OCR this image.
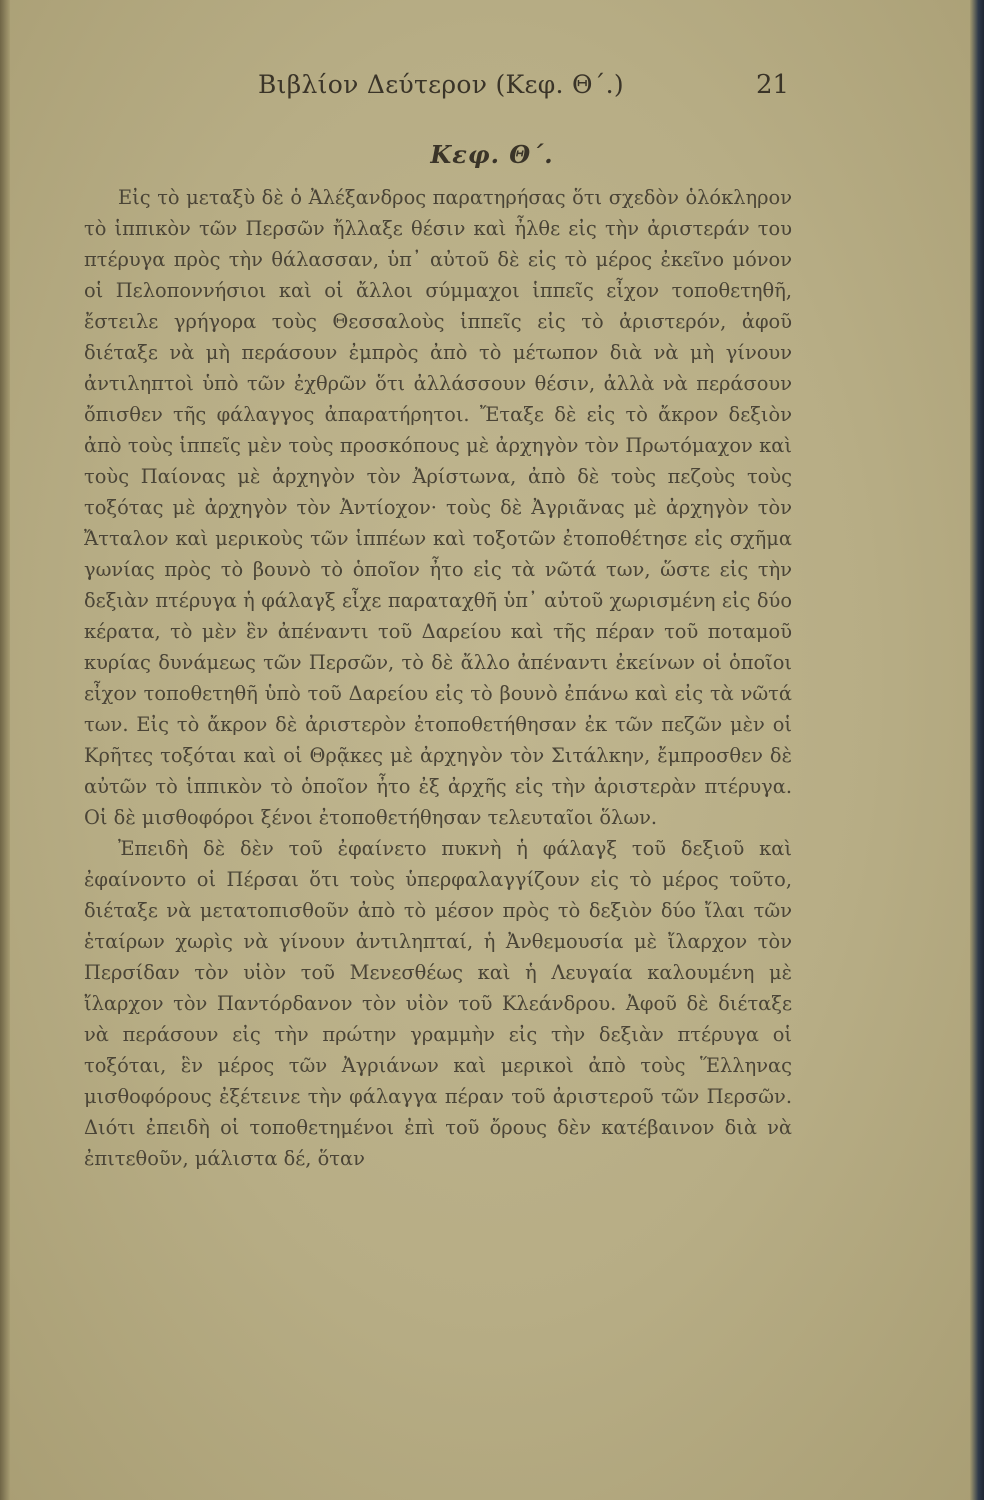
Βιβλίον Δεύτερον (Κεφ. Θ΄.)	21
Κεφ. Θ΄.

Εἰς τὸ μεταξὺ δὲ ὁ Ἀλέξανδρος παρατηρήσας ὅτι σχεδὸν ὁλόκληρον τὸ ἱππικὸν τῶν Περσῶν ἤλλαξε θέσιν καὶ ἦλθε εἰς τὴν ἀριστεράν του πτέρυγα πρὸς τὴν θάλασσαν, ὑπ᾽ αὐτοῦ δὲ εἰς τὸ μέρος ἐκεῖνο μόνον οἱ Πελοποννήσιοι καὶ οἱ ἄλλοι σύμμαχοι ἱππεῖς εἶχον τοποθετηθῆ, ἔστειλε γρήγορα τοὺς Θεσσαλοὺς ἱππεῖς εἰς τὸ ἀριστερόν, ἀφοῦ διέταξε νὰ μὴ περάσουν ἐμπρὸς ἀπὸ τὸ μέτωπον διὰ νὰ μὴ γίνουν ἀντιληπτοὶ ὑπὸ τῶν ἐχθρῶν ὅτι ἀλλάσσουν θέσιν, ἀλλὰ νὰ περάσουν ὄπισθεν τῆς φάλαγγος ἀπαρατήρητοι. Ἔταξε δὲ εἰς τὸ ἄκρον δεξιὸν ἀπὸ τοὺς ἱππεῖς μὲν τοὺς προσκόπους μὲ ἀρχηγὸν τὸν Πρωτόμαχον καὶ τοὺς Παίονας μὲ ἀρχηγὸν τὸν Ἀρίστωνα, ἀπὸ δὲ τοὺς πεζοὺς τοὺς τοξότας μὲ ἀρχηγὸν τὸν Ἀντίοχον· τοὺς δὲ Ἀγριᾶνας μὲ ἀρχηγὸν τὸν Ἄτταλον καὶ μερικοὺς τῶν ἱππέων καὶ τοξοτῶν ἐτοποθέτησε εἰς σχῆμα γωνίας πρὸς τὸ βουνὸ τὸ ὁποῖον ἦτο εἰς τὰ νῶτά των, ὥστε εἰς τὴν δεξιὰν πτέρυγα ἡ φάλαγξ εἶχε παραταχθῆ ὑπ᾽ αὐτοῦ χωρισμένη εἰς δύο κέρατα, τὸ μὲν ἓν ἀπέναντι τοῦ Δαρείου καὶ τῆς πέραν τοῦ ποταμοῦ κυρίας δυνάμεως τῶν Περσῶν, τὸ δὲ ἄλλο ἀπέναντι ἐκείνων οἱ ὁποῖοι εἶχον τοποθετηθῆ ὑπὸ τοῦ Δαρείου εἰς τὸ βουνὸ ἐπάνω καὶ εἰς τὰ νῶτά των. Εἰς τὸ ἄκρον δὲ ἀριστερὸν ἐτοποθετήθησαν ἐκ τῶν πεζῶν μὲν οἱ Κρῆτες τοξόται καὶ οἱ Θρᾷκες μὲ ἀρχηγὸν τὸν Σιτάλκην, ἔμπροσθεν δὲ αὐτῶν τὸ ἱππικὸν τὸ ὁποῖον ἦτο ἐξ ἀρχῆς εἰς τὴν ἀριστερὰν πτέρυγα. Οἱ δὲ μισθοφόροι ξένοι ἐτοποθετήθησαν τελευταῖοι ὅλων.

Ἐπειδὴ δὲ δὲν τοῦ ἐφαίνετο πυκνὴ ἡ φάλαγξ τοῦ δεξιοῦ καὶ ἐφαίνοντο οἱ Πέρσαι ὅτι τοὺς ὑπερφαλαγγίζουν εἰς τὸ μέρος τοῦτο, διέταξε νὰ μετατοπισθοῦν ἀπὸ τὸ μέσον πρὸς τὸ δεξιὸν δύο ἴλαι τῶν ἑταίρων χωρὶς νὰ γίνουν ἀντιληπταί, ἡ Ἀνθεμουσία μὲ ἴλαρχον τὸν Περσίδαν τὸν υἱὸν τοῦ Μενεσθέως καὶ ἡ Λευγαία καλουμένη μὲ ἴλαρχον τὸν Παντόρδανον τὸν υἱὸν τοῦ Κλεάνδρου. Ἀφοῦ δὲ διέταξε νὰ περάσουν εἰς τὴν πρώτην γραμμὴν εἰς τὴν δεξιὰν πτέρυγα οἱ τοξόται, ἓν μέρος τῶν Ἀγριάνων καὶ μερικοὶ ἀπὸ τοὺς Ἕλληνας μισθοφόρους ἐξέτεινε τὴν φάλαγγα πέραν τοῦ ἀριστεροῦ τῶν Περσῶν. Διότι ἐπειδὴ οἱ τοποθετημένοι ἐπὶ τοῦ ὄρους δὲν κατέβαινον διὰ νὰ ἐπιτεθοῦν, μάλιστα δέ, ὅταν
